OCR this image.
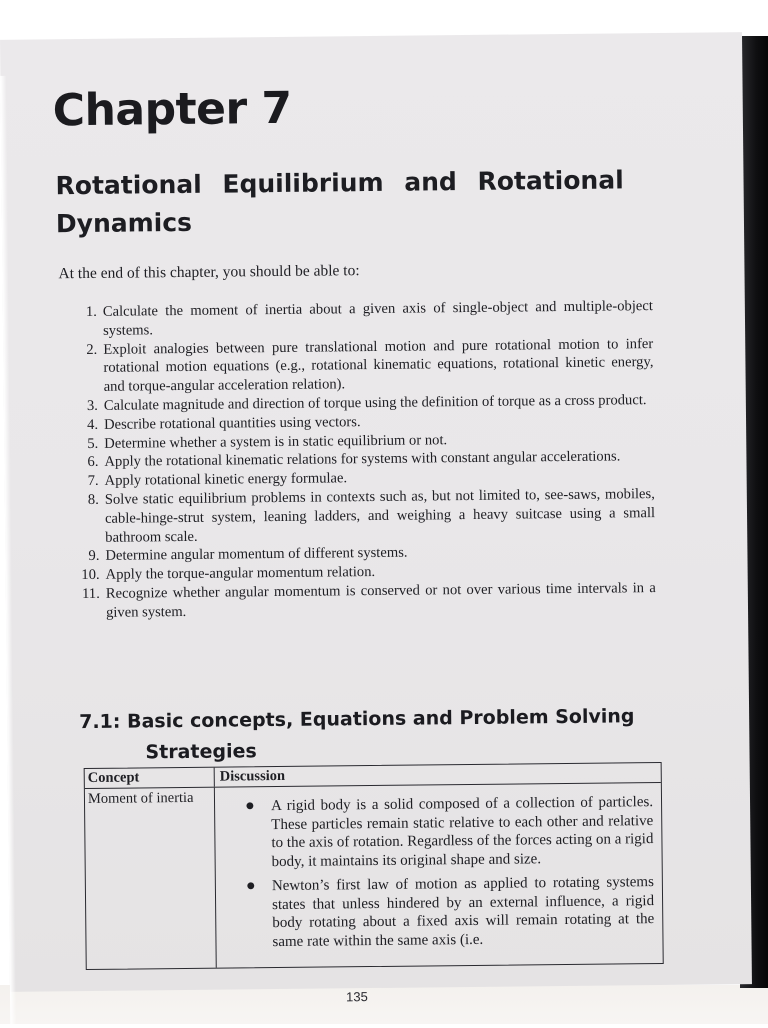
Chapter 7
Rotational Equilibrium and Rotational Dynamics

At the end of this chapter, you should be able to:

1. Calculate the moment of inertia about a given axis of single-object and multiple-object systems.
2. Exploit analogies between pure translational motion and pure rotational motion to infer rotational motion equations (e.g., rotational kinematic equations, rotational kinetic energy, and torque-angular acceleration relation).
3. Calculate magnitude and direction of torque using the definition of torque as a cross product.
4. Describe rotational quantities using vectors.
5. Determine whether a system is in static equilibrium or not.
6. Apply the rotational kinematic relations for systems with constant angular accelerations.
7. Apply rotational kinetic energy formulae.
8. Solve static equilibrium problems in contexts such as, but not limited to, see-saws, mobiles, cable-hinge-strut system, leaning ladders, and weighing a heavy suitcase using a small bathroom scale.
9. Determine angular momentum of different systems.
10. Apply the torque-angular momentum relation.
11. Recognize whether angular momentum is conserved or not over various time intervals in a given system.
7.1: Basic concepts, Equations and Problem Solving
Strategies
Concept	Discussion
Moment of inertia	● A rigid body is a solid composed of a collection of particles. These particles remain static relative to each other and relative to the axis of rotation. Regardless of the forces acting on a rigid body, it maintains its original shape and size.
● Newton’s first law of motion as applied to rotating systems states that unless hindered by an external influence, a rigid body rotating about a fixed axis will remain rotating at the same rate within the same axis (i.e.
135
